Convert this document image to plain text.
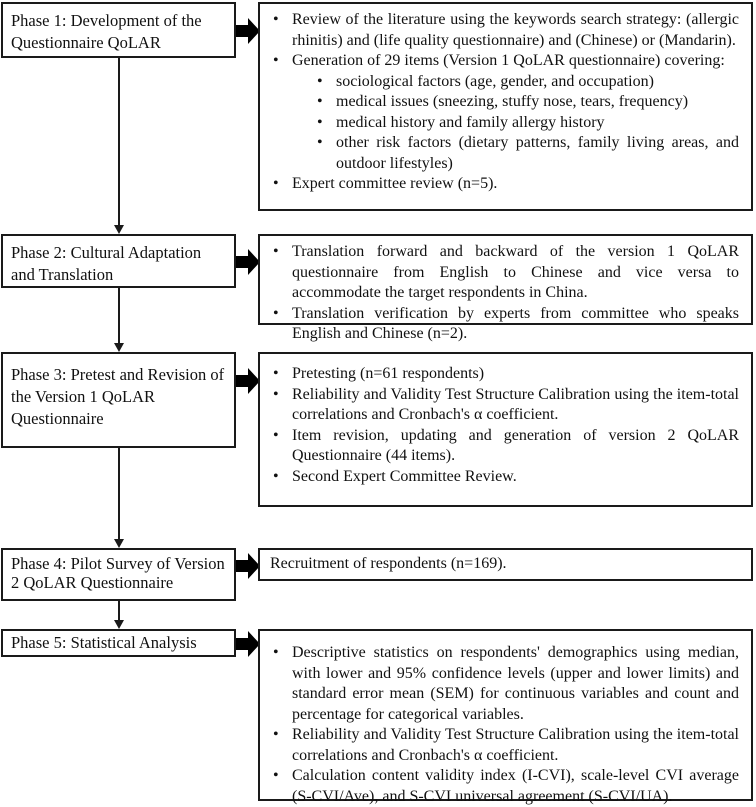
Phase 1: Development of the Questionnaire QoLAR
• Review of the literature using the keywords search strategy: (allergic rhinitis) and (life quality questionnaire) and (Chinese) or (Mandarin).
• Generation of 29 items (Version 1 QoLAR questionnaire) covering:
• sociological factors (age, gender, and occupation)
• medical issues (sneezing, stuffy nose, tears, frequency)
• medical history and family allergy history
• other risk factors (dietary patterns, family living areas, and outdoor lifestyles)
• Expert committee review (n=5).
Phase 2: Cultural Adaptation and Translation
• Translation forward and backward of the version 1 QoLAR questionnaire from English to Chinese and vice versa to accommodate the target respondents in China.
• Translation verification by experts from committee who speaks English and Chinese (n=2).
Phase 3: Pretest and Revision of the Version 1 QoLAR Questionnaire
• Pretesting (n=61 respondents)
• Reliability and Validity Test Structure Calibration using the item-total correlations and Cronbach's α coefficient.
• Item revision, updating and generation of version 2 QoLAR Questionnaire (44 items).
• Second Expert Committee Review.
Phase 4: Pilot Survey of Version 2 QoLAR Questionnaire
Recruitment of respondents (n=169).
Phase 5: Statistical Analysis
• Descriptive statistics on respondents' demographics using median, with lower and 95% confidence levels (upper and lower limits) and standard error mean (SEM) for continuous variables and count and percentage for categorical variables.
• Reliability and Validity Test Structure Calibration using the item-total correlations and Cronbach's α coefficient.
• Calculation content validity index (I-CVI), scale-level CVI average (S-CVI/Ave), and S-CVI universal agreement (S-CVI/UA).
